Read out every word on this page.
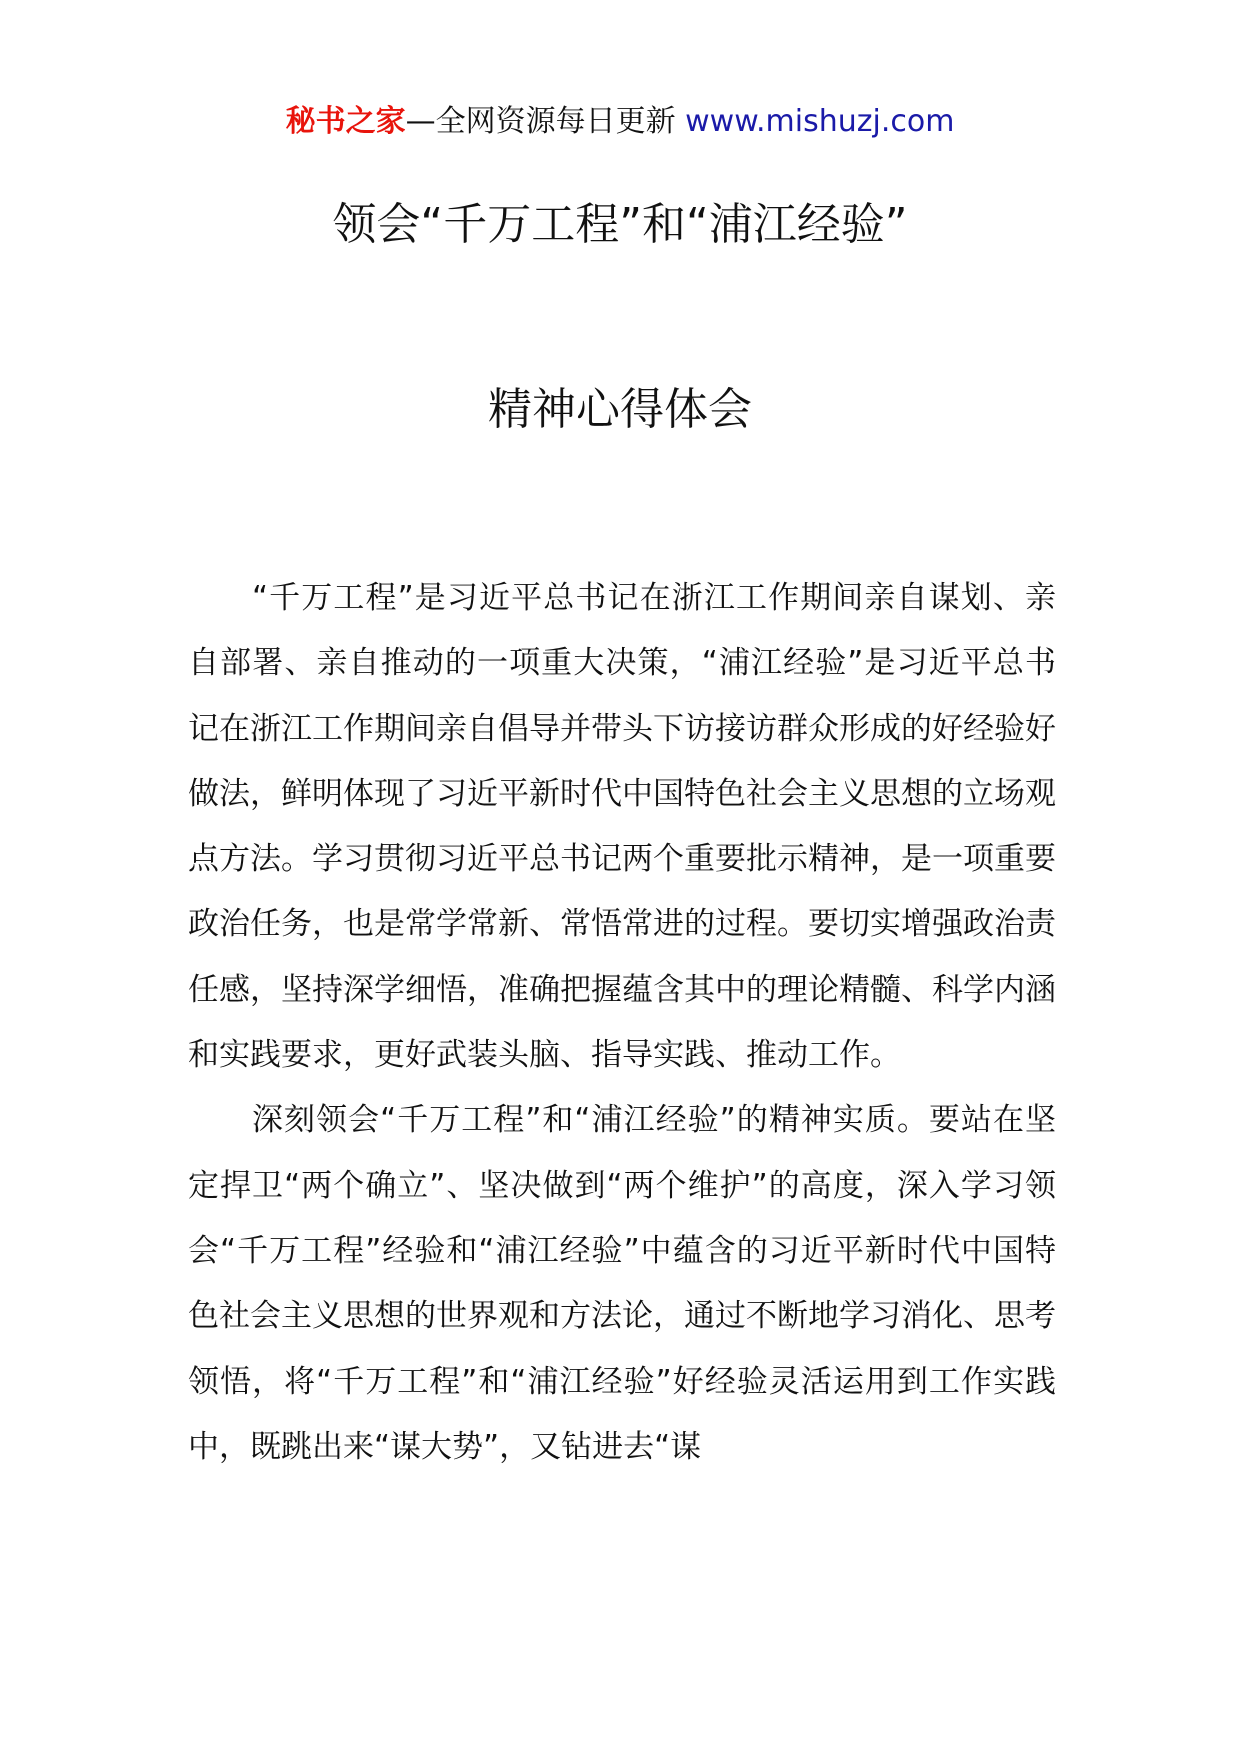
秘书之家—全网资源每日更新 www.mishuzj.com
领会“千万工程”和“浦江经验”
精神心得体会

“千万工程”是习近平总书记在浙江工作期间亲自谋划、亲自部署、亲自推动的一项重大决策，“浦江经验”是习近平总书记在浙江工作期间亲自倡导并带头下访接访群众形成的好经验好做法，鲜明体现了习近平新时代中国特色社会主义思想的立场观点方法。学习贯彻习近平总书记两个重要批示精神，是一项重要政治任务，也是常学常新、常悟常进的过程。要切实增强政治责任感，坚持深学细悟，准确把握蕴含其中的理论精髓、科学内涵和实践要求，更好武装头脑、指导实践、推动工作。

深刻领会“千万工程”和“浦江经验”的精神实质。要站在坚定捍卫“两个确立”、坚决做到“两个维护”的高度，深入学习领会“千万工程”经验和“浦江经验”中蕴含的习近平新时代中国特色社会主义思想的世界观和方法论，通过不断地学习消化、思考领悟，将“千万工程”和“浦江经验”好经验灵活运用到工作实践中，既跳出来“谋大势”，又钻进去“谋
